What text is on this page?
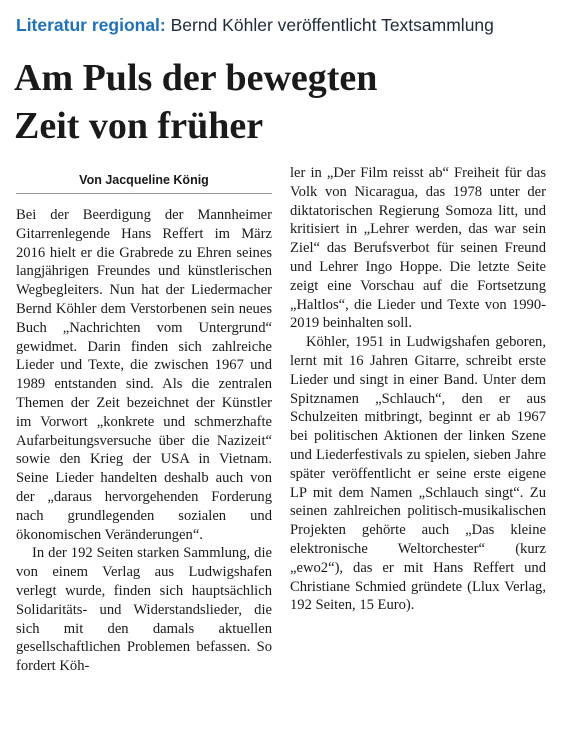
Literatur regional: Bernd Köhler veröffentlicht Textsammlung
Am Puls der bewegten
Zeit von früher
Von Jacqueline König

Bei der Beerdigung der Mannheimer Gitarrenlegende Hans Reffert im März 2016 hielt er die Grabrede zu Ehren seines langjährigen Freundes und künstlerischen Wegbegleiters. Nun hat der Liedermacher Bernd Köhler dem Verstorbenen sein neues Buch „Nachrichten vom Untergrund“ gewidmet. Darin finden sich zahlreiche Lieder und Texte, die zwischen 1967 und 1989 entstanden sind. Als die zentralen Themen der Zeit bezeichnet der Künstler im Vorwort „konkrete und schmerzhafte Aufarbeitungsversuche über die Nazizeit“ sowie den Krieg der USA in Vietnam. Seine Lieder handelten deshalb auch von der „daraus hervorgehenden Forderung nach grundlegenden sozialen und ökonomischen Veränderungen“.

In der 192 Seiten starken Sammlung, die von einem Verlag aus Ludwigshafen verlegt wurde, finden sich hauptsächlich Solidaritäts- und Widerstandslieder, die sich mit den damals aktuellen gesellschaftlichen Problemen befassen. So fordert Köh-

ler in „Der Film reisst ab“ Freiheit für das Volk von Nicaragua, das 1978 unter der diktatorischen Regierung Somoza litt, und kritisiert in „Lehrer werden, das war sein Ziel“ das Berufsverbot für seinen Freund und Lehrer Ingo Hoppe. Die letzte Seite zeigt eine Vorschau auf die Fortsetzung „Haltlos“, die Lieder und Texte von 1990-2019 beinhalten soll.

Köhler, 1951 in Ludwigshafen geboren, lernt mit 16 Jahren Gitarre, schreibt erste Lieder und singt in einer Band. Unter dem Spitznamen „Schlauch“, den er aus Schulzeiten mitbringt, beginnt er ab 1967 bei politischen Aktionen der linken Szene und Liederfestivals zu spielen, sieben Jahre später veröffentlicht er seine erste eigene LP mit dem Namen „Schlauch singt“. Zu seinen zahlreichen politisch-musikalischen Projekten gehörte auch „Das kleine elektronische Weltorchester“ (kurz „ewo2“), das er mit Hans Reffert und Christiane Schmied gründete (Llux Verlag, 192 Seiten, 15 Euro).
